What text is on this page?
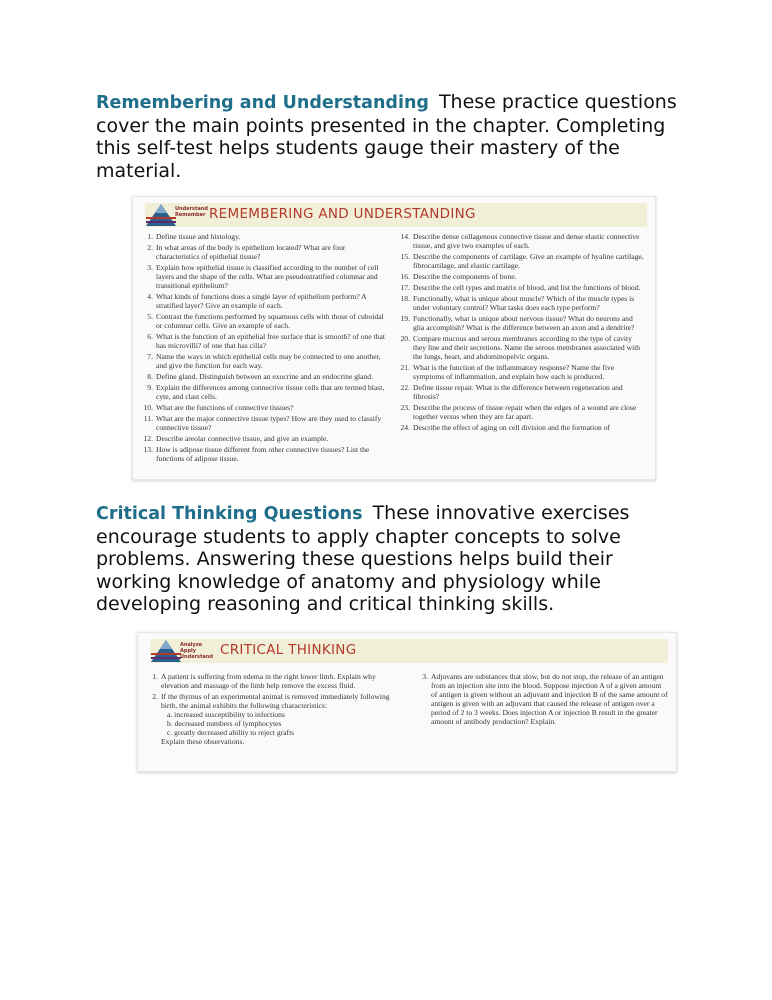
Remembering and Understanding These practice questions cover the main points presented in the chapter. Completing this self-test helps students gauge their mastery of the material.
Understand
Remember REMEMBERING AND UNDERSTANDING
1. Define tissue and histology.
2. In what areas of the body is epithelium located? What are four characteristics of epithelial tissue?
3. Explain how epithelial tissue is classified according to the number of cell layers and the shape of the cells. What are pseudostratified columnar and transitional epithelium?
4. What kinds of functions does a single layer of epithelium perform? A stratified layer? Give an example of each.
5. Contrast the functions performed by squamous cells with those of cuboidal or columnar cells. Give an example of each.
6. What is the function of an epithelial free surface that is smooth? of one that has microvilli? of one that has cilia?
7. Name the ways in which epithelial cells may be connected to one another, and give the function for each way.
8. Define gland. Distinguish between an exocrine and an endocrine gland.
9. Explain the differences among connective tissue cells that are termed blast, cyte, and clast cells.
10. What are the functions of connective tissues?
11. What are the major connective tissue types? How are they used to classify connective tissue?
12. Describe areolar connective tissue, and give an example.
13. How is adipose tissue different from other connective tissues? List the functions of adipose tissue.
14. Describe dense collagenous connective tissue and dense elastic connective tissue, and give two examples of each.
15. Describe the components of cartilage. Give an example of hyaline cartilage, fibrocartilage, and elastic cartilage.
16. Describe the components of bone.
17. Describe the cell types and matrix of blood, and list the functions of blood.
18. Functionally, what is unique about muscle? Which of the muscle types is under voluntary control? What tasks does each type perform?
19. Functionally, what is unique about nervous tissue? What do neurons and glia accomplish? What is the difference between an axon and a dendrite?
20. Compare mucous and serous membranes according to the type of cavity they line and their secretions. Name the serous membranes associated with the lungs, heart, and abdominopelvic organs.
21. What is the function of the inflammatory response? Name the five symptoms of inflammation, and explain how each is produced.
22. Define tissue repair. What is the difference between regeneration and fibrosis?
23. Describe the process of tissue repair when the edges of a wound are close together versus when they are far apart.
24. Describe the effect of aging on cell division and the formation of
Critical Thinking Questions These innovative exercises encourage students to apply chapter concepts to solve problems. Answering these questions helps build their working knowledge of anatomy and physiology while developing reasoning and critical thinking skills.
Analyze
Apply
Understand CRITICAL THINKING
1. A patient is suffering from edema in the right lower limb. Explain why elevation and massage of the limb help remove the excess fluid.
2. If the thymus of an experimental animal is removed immediately following birth, the animal exhibits the following characteristics:
a. increased susceptibility to infections
b. decreased numbers of lymphocytes
c. greatly decreased ability to reject grafts
Explain these observations.
3. Adjuvants are substances that slow, but do not stop, the release of an antigen from an injection site into the blood. Suppose injection A of a given amount of antigen is given without an adjuvant and injection B of the same amount of antigen is given with an adjuvant that caused the release of antigen over a period of 2 to 3 weeks. Does injection A or injection B result in the greater amount of antibody production? Explain.
